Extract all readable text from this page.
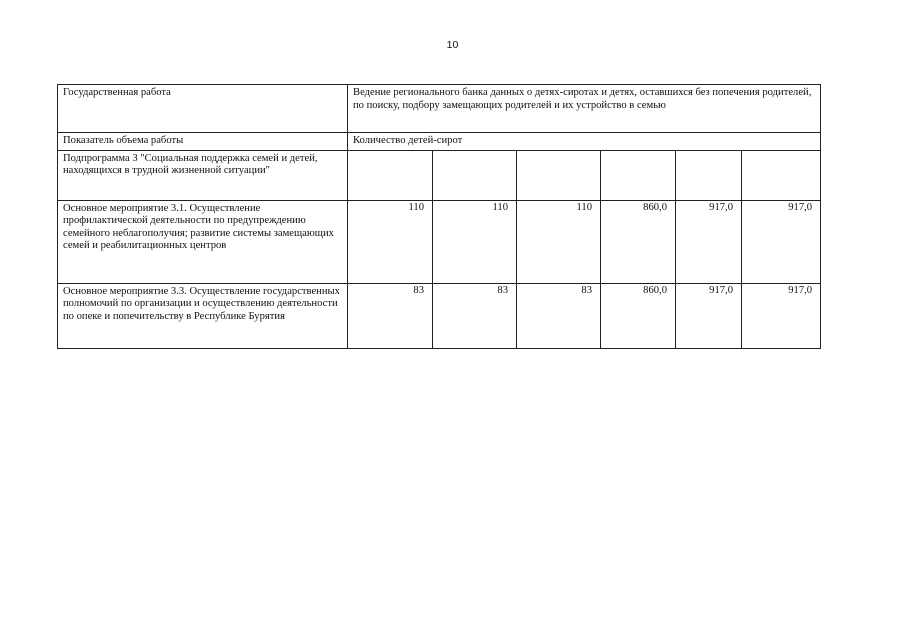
10
Государственная работа	Ведение регионального банка данных о детях-сиротах и детях, оставшихся без попечения родителей, по поиску, подбору замещающих родителей и их устройство в семью					
Показатель объема работы	Количество детей-сирот					
Подпрограмма 3 "Социальная поддержка семей и детей, находящихся в трудной жизненной ситуации"						
Основное мероприятие 3.1. Осуществление профилактической деятельности по предупреждению семейного неблагополучия; развитие системы замещающих семей и реабилитационных центров	110	110	110	860,0	917,0	917,0
Основное мероприятие 3.3. Осуществление государственных полномочий по организации и осуществлению деятельности по опеке и попечительству в Республике Бурятия	83	83	83	860,0	917,0	917,0
